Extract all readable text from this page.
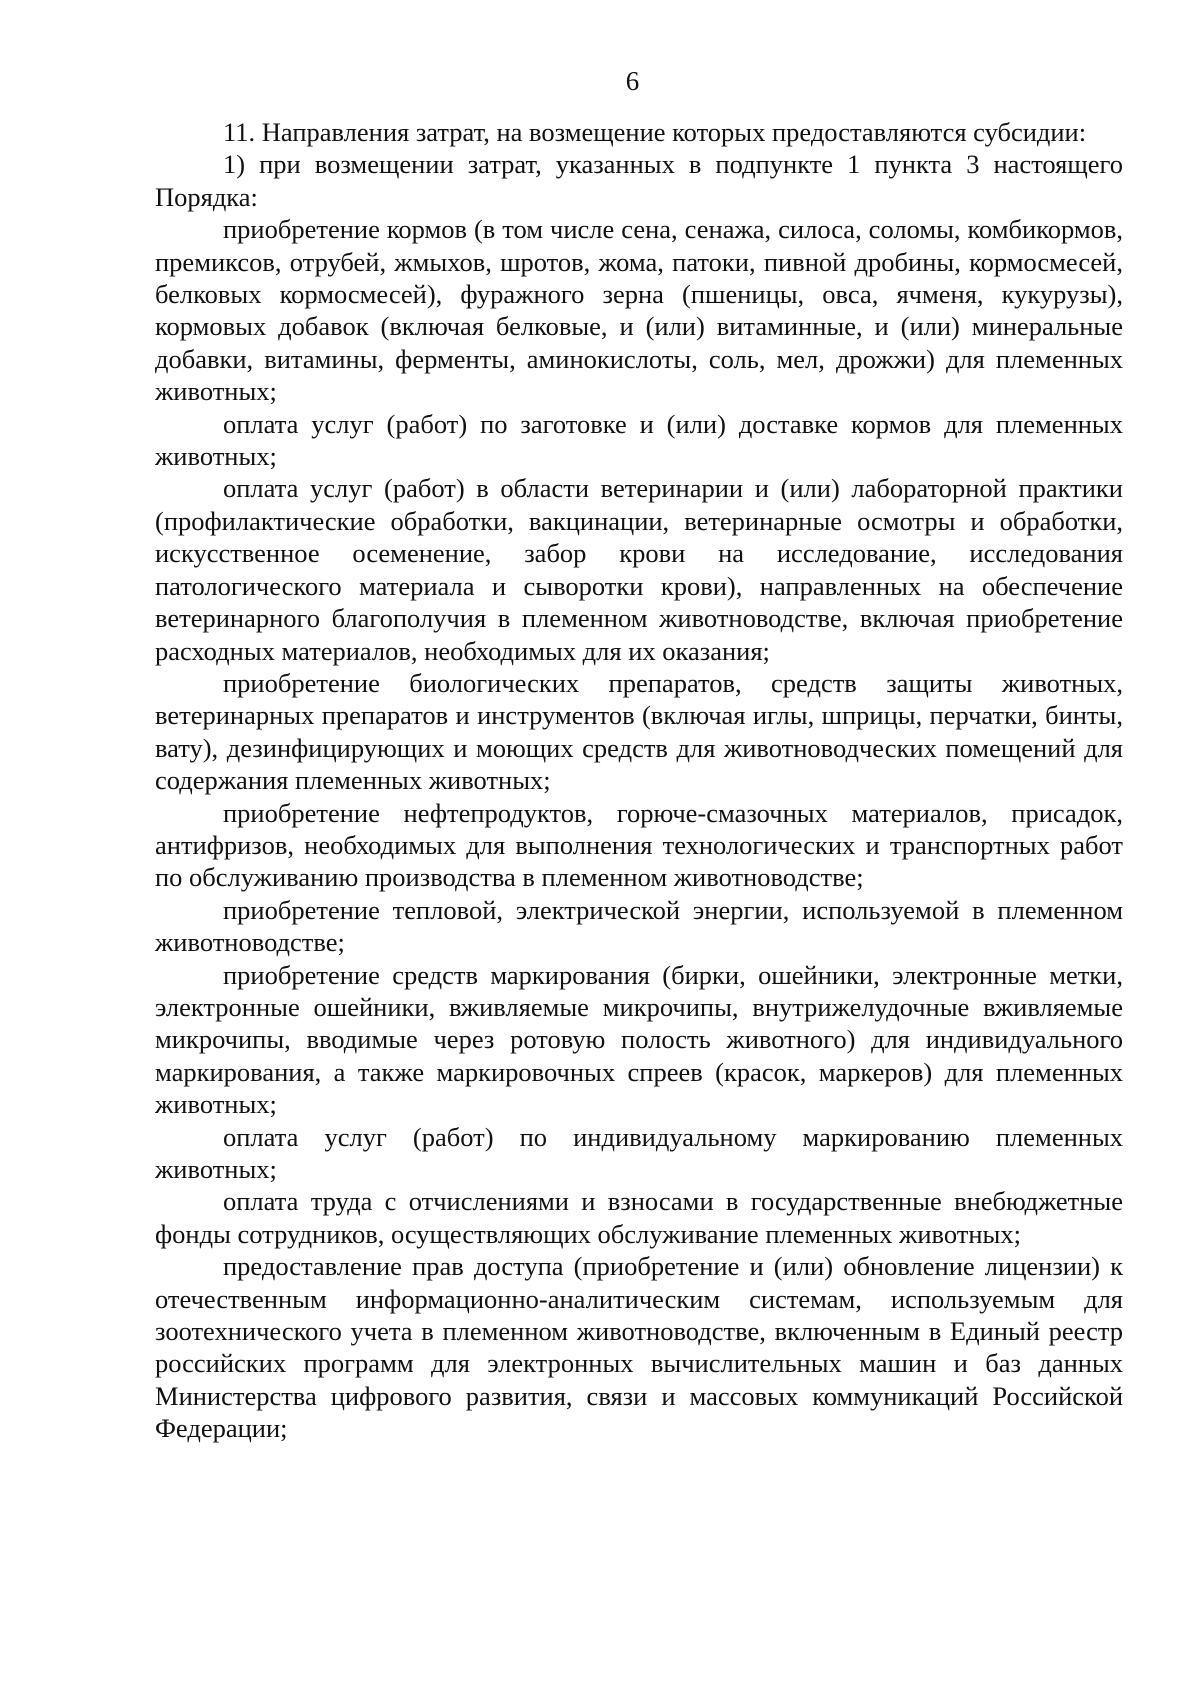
6

11. Направления затрат, на возмещение которых предоставляются субсидии:

1) при возмещении затрат, указанных в подпункте 1 пункта 3 настоящего Порядка:

приобретение кормов (в том числе сена, сенажа, силоса, соломы, комбикормов, премиксов, отрубей, жмыхов, шротов, жома, патоки, пивной дробины, кормосмесей, белковых кормосмесей), фуражного зерна (пшеницы, овса, ячменя, кукурузы), кормовых добавок (включая белковые, и (или) витаминные, и (или) минеральные добавки, витамины, ферменты, аминокислоты, соль, мел, дрожжи) для племенных животных;

оплата услуг (работ) по заготовке и (или) доставке кормов для племенных животных;

оплата услуг (работ) в области ветеринарии и (или) лабораторной практики (профилактические обработки, вакцинации, ветеринарные осмотры и обработки, искусственное осеменение, забор крови на исследование, исследования патологического материала и сыворотки крови), направленных на обеспечение ветеринарного благополучия в племенном животноводстве, включая приобретение расходных материалов, необходимых для их оказания;

приобретение биологических препаратов, средств защиты животных, ветеринарных препаратов и инструментов (включая иглы, шприцы, перчатки, бинты, вату), дезинфицирующих и моющих средств для животноводческих помещений для содержания племенных животных;

приобретение нефтепродуктов, горюче-смазочных материалов, присадок, антифризов, необходимых для выполнения технологических и транспортных работ по обслуживанию производства в племенном животноводстве;

приобретение тепловой, электрической энергии, используемой в племенном животноводстве;

приобретение средств маркирования (бирки, ошейники, электронные метки, электронные ошейники, вживляемые микрочипы, внутрижелудочные вживляемые микрочипы, вводимые через ротовую полость животного) для индивидуального маркирования, а также маркировочных спреев (красок, маркеров) для племенных животных;

оплата услуг (работ) по индивидуальному маркированию племенных животных;

оплата труда с отчислениями и взносами в государственные внебюджетные фонды сотрудников, осуществляющих обслуживание племенных животных;

предоставление прав доступа (приобретение и (или) обновление лицензии) к отечественным информационно-аналитическим системам, используемым для зоотехнического учета в племенном животноводстве, включенным в Единый реестр российских программ для электронных вычислительных машин и баз данных Министерства цифрового развития, связи и массовых коммуникаций Российской Федерации;
